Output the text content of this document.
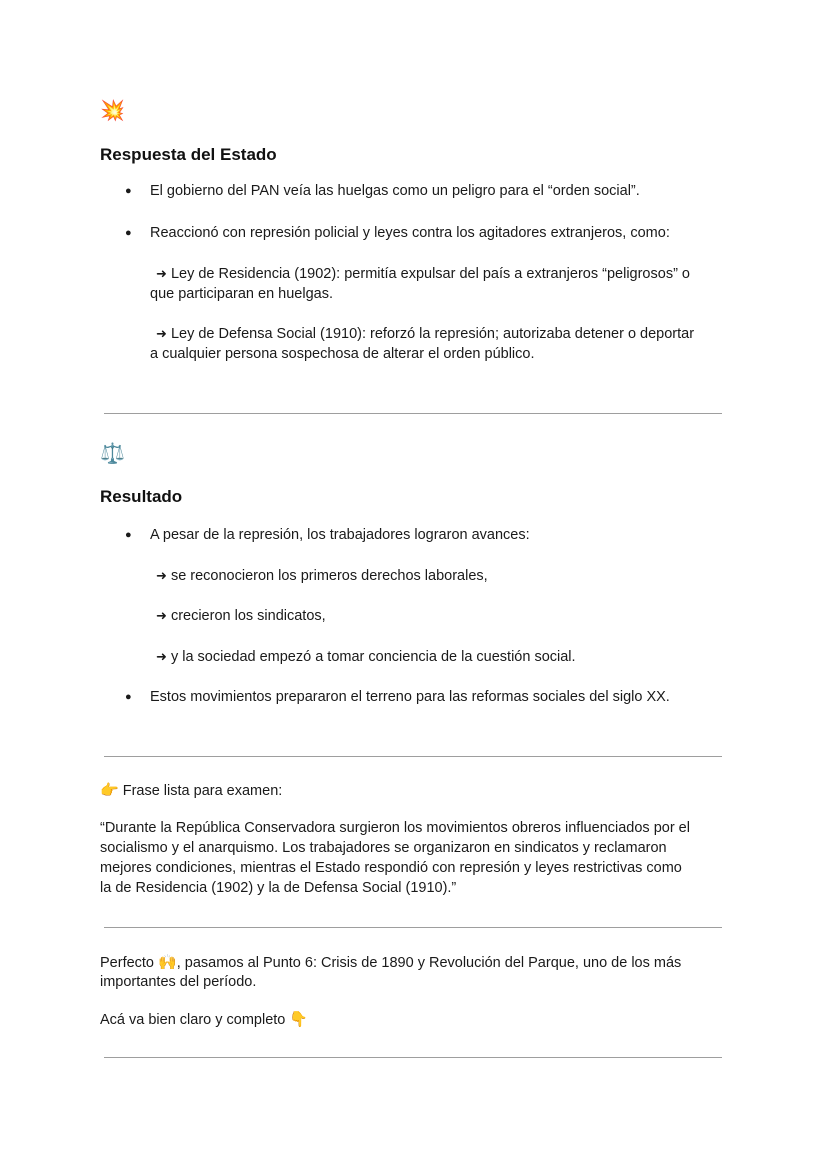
💥
Respuesta del Estado
● El gobierno del PAN veía las huelgas como un peligro para el “orden social”.
● Reaccionó con represión policial y leyes contra los agitadores extranjeros, como:
➜ Ley de Residencia (1902): permitía expulsar del país a extranjeros “peligrosos” o
que participaran en huelgas.
➜ Ley de Defensa Social (1910): reforzó la represión; autorizaba detener o deportar
a cualquier persona sospechosa de alterar el orden público.
⚖️
Resultado
● A pesar de la represión, los trabajadores lograron avances:
➜ se reconocieron los primeros derechos laborales,
➜ crecieron los sindicatos,
➜ y la sociedad empezó a tomar conciencia de la cuestión social.
● Estos movimientos prepararon el terreno para las reformas sociales del siglo XX.
👉 Frase lista para examen:
“Durante la República Conservadora surgieron los movimientos obreros influenciados por el
socialismo y el anarquismo. Los trabajadores se organizaron en sindicatos y reclamaron
mejores condiciones, mientras el Estado respondió con represión y leyes restrictivas como
la de Residencia (1902) y la de Defensa Social (1910).”
Perfecto 🙌, pasamos al Punto 6: Crisis de 1890 y Revolución del Parque, uno de los más
importantes del período.
Acá va bien claro y completo 👇
